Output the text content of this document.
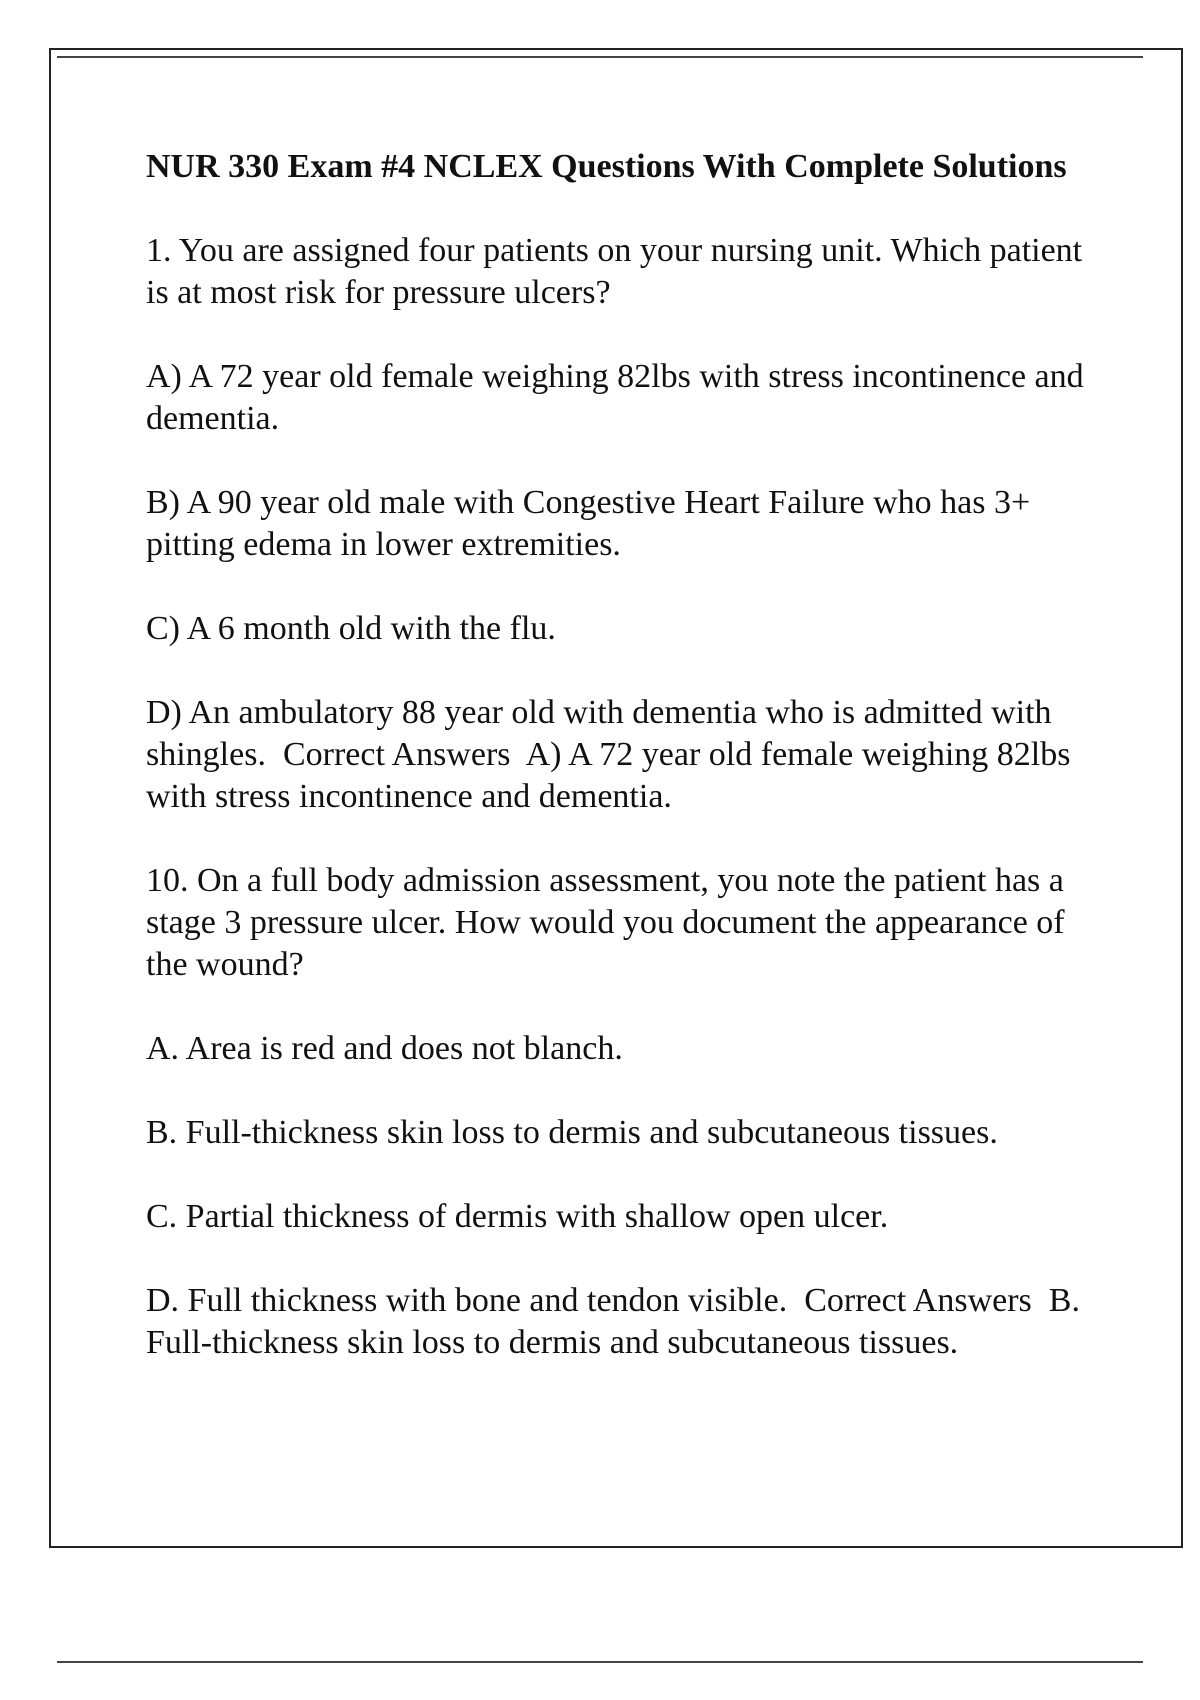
NUR 330 Exam #4 NCLEX Questions With Complete Solutions

1. You are assigned four patients on your nursing unit. Which patient is at most risk for pressure ulcers?

A) A 72 year old female weighing 82lbs with stress incontinence and dementia.

B) A 90 year old male with Congestive Heart Failure who has 3+ pitting edema in lower extremities.

C) A 6 month old with the flu.

D) An ambulatory 88 year old with dementia who is admitted with shingles.  Correct Answers  A) A 72 year old female weighing 82lbs with stress incontinence and dementia.

10. On a full body admission assessment, you note the patient has a stage 3 pressure ulcer. How would you document the appearance of the wound?

A. Area is red and does not blanch.

B. Full-thickness skin loss to dermis and subcutaneous tissues.

C. Partial thickness of dermis with shallow open ulcer.

D. Full thickness with bone and tendon visible.  Correct Answers  B. Full-thickness skin loss to dermis and subcutaneous tissues.
